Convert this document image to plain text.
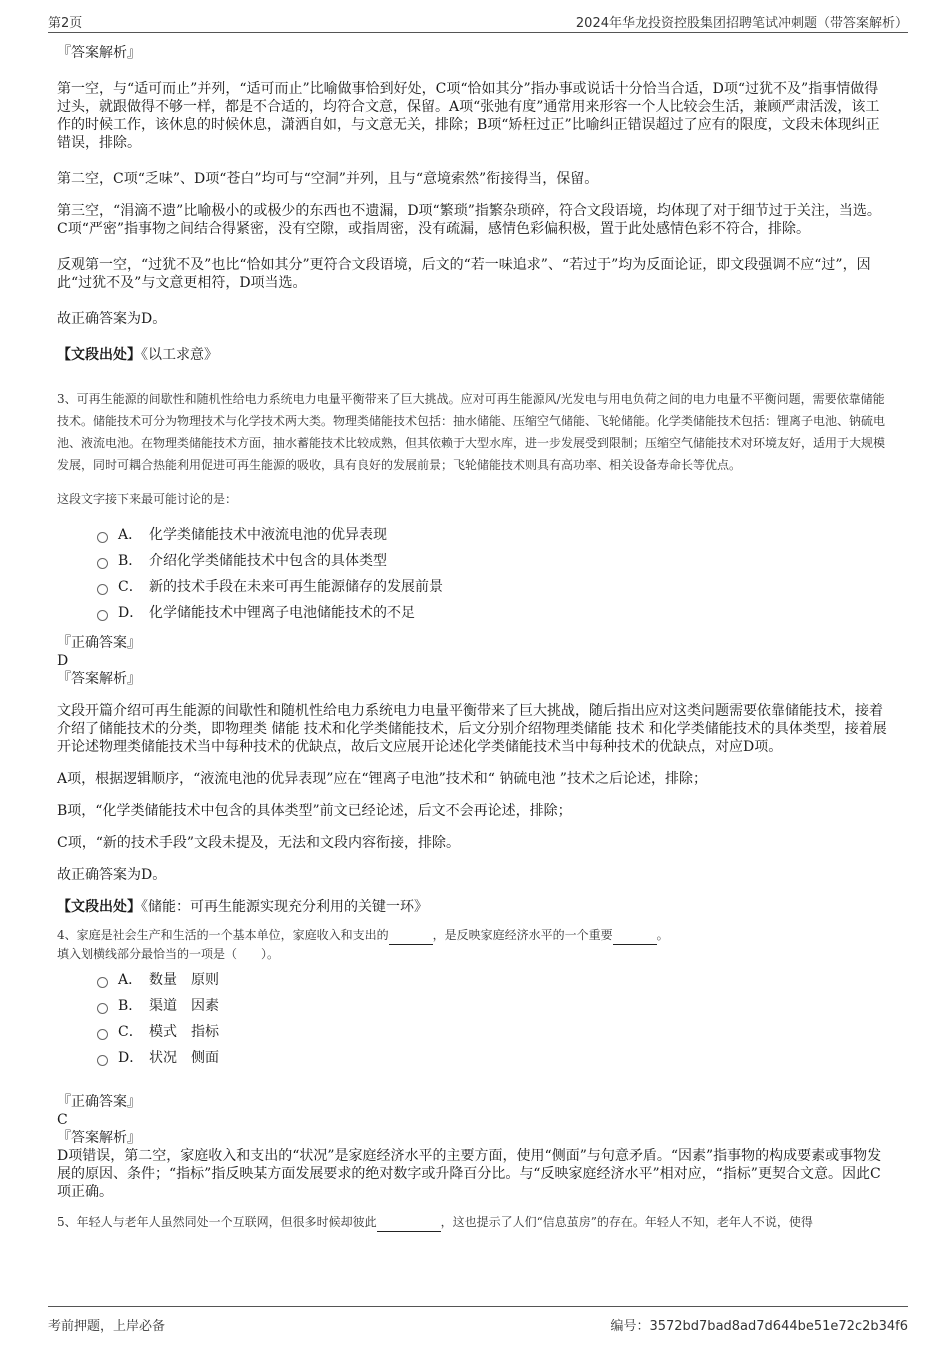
第2页	2024年华龙投资控股集团招聘笔试冲刺题（带答案解析）

『答案解析』

第一空，与“适可而止”并列，“适可而止”比喻做事恰到好处，C项“恰如其分”指办事或说话十分恰当合适，D项“过犹不及”指事情做得过头，就跟做得不够一样，都是不合适的，均符合文意，保留。A项“张弛有度”通常用来形容一个人比较会生活，兼顾严肃活泼，该工作的时候工作，该休息的时候休息，潇洒自如，与文意无关，排除；B项“矫枉过正”比喻纠正错误超过了应有的限度，文段未体现纠正错误，排除。

第二空，C项“乏味”、D项“苍白”均可与“空洞”并列，且与“意境索然”衔接得当，保留。

第三空，“涓滴不遗”比喻极小的或极少的东西也不遗漏，D项“繁琐”指繁杂琐碎，符合文段语境，均体现了对于细节过于关注，当选。C项“严密”指事物之间结合得紧密，没有空隙，或指周密，没有疏漏，感情色彩偏积极，置于此处感情色彩不符合，排除。

反观第一空，“过犹不及”也比“恰如其分”更符合文段语境，后文的“若一味追求”、“若过于”均为反面论证，即文段强调不应“过”，因此“过犹不及”与文意更相符，D项当选。

故正确答案为D。

【文段出处】《以工求意》

3、可再生能源的间歇性和随机性给电力系统电力电量平衡带来了巨大挑战。应对可再生能源风/光发电与用电负荷之间的电力电量不平衡问题，需要依靠储能技术。储能技术可分为物理技术与化学技术两大类。物理类储能技术包括：抽水储能、压缩空气储能、飞轮储能。化学类储能技术包括：锂离子电池、钠硫电池、液流电池。在物理类储能技术方面，抽水蓄能技术比较成熟，但其依赖于大型水库，进一步发展受到限制；压缩空气储能技术对环境友好，适用于大规模发展，同时可耦合热能利用促进可再生能源的吸收，具有良好的发展前景；飞轮储能技术则具有高功率、相关设备寿命长等优点。

这段文字接下来最可能讨论的是：

A． 化学类储能技术中液流电池的优异表现
B． 介绍化学类储能技术中包含的具体类型
C． 新的技术手段在未来可再生能源储存的发展前景
D． 化学储能技术中锂离子电池储能技术的不足

『正确答案』

D

『答案解析』

文段开篇介绍可再生能源的间歇性和随机性给电力系统电力电量平衡带来了巨大挑战，随后指出应对这类问题需要依靠储能技术，接着介绍了储能技术的分类，即物理类 储能 技术和化学类储能技术，后文分别介绍物理类储能 技术 和化学类储能技术的具体类型，接着展开论述物理类储能技术当中每种技术的优缺点，故后文应展开论述化学类储能技术当中每种技术的优缺点，对应D项。

A项，根据逻辑顺序，“液流电池的优异表现”应在“锂离子电池”技术和“ 钠硫电池 ”技术之后论述，排除；

B项，“化学类储能技术中包含的具体类型”前文已经论述，后文不会再论述，排除；

C项，“新的技术手段”文段未提及，无法和文段内容衔接，排除。

故正确答案为D。

【文段出处】《储能：可再生能源实现充分利用的关键一环》

4、家庭是社会生产和生活的一个基本单位，家庭收入和支出的	，是反映家庭经济水平的一个重要	。

填入划横线部分最恰当的一项是（　　）。

A． 数量　原则
B． 渠道　因素
C． 模式　指标
D． 状况　侧面

『正确答案』

C

『答案解析』

D项错误，第二空，家庭收入和支出的“状况”是家庭经济水平的主要方面，使用“侧面”与句意矛盾。“因素”指事物的构成要素或事物发展的原因、条件；“指标”指反映某方面发展要求的绝对数字或升降百分比。与“反映家庭经济水平”相对应，“指标”更契合文意。因此C项正确。

5、年轻人与老年人虽然同处一个互联网，但很多时候却彼此	，这也提示了人们“信息茧房”的存在。年轻人不知，老年人不说，使得

考前押题，上岸必备	编号：3572bd7bad8ad7d644be51e72c2b34f6
